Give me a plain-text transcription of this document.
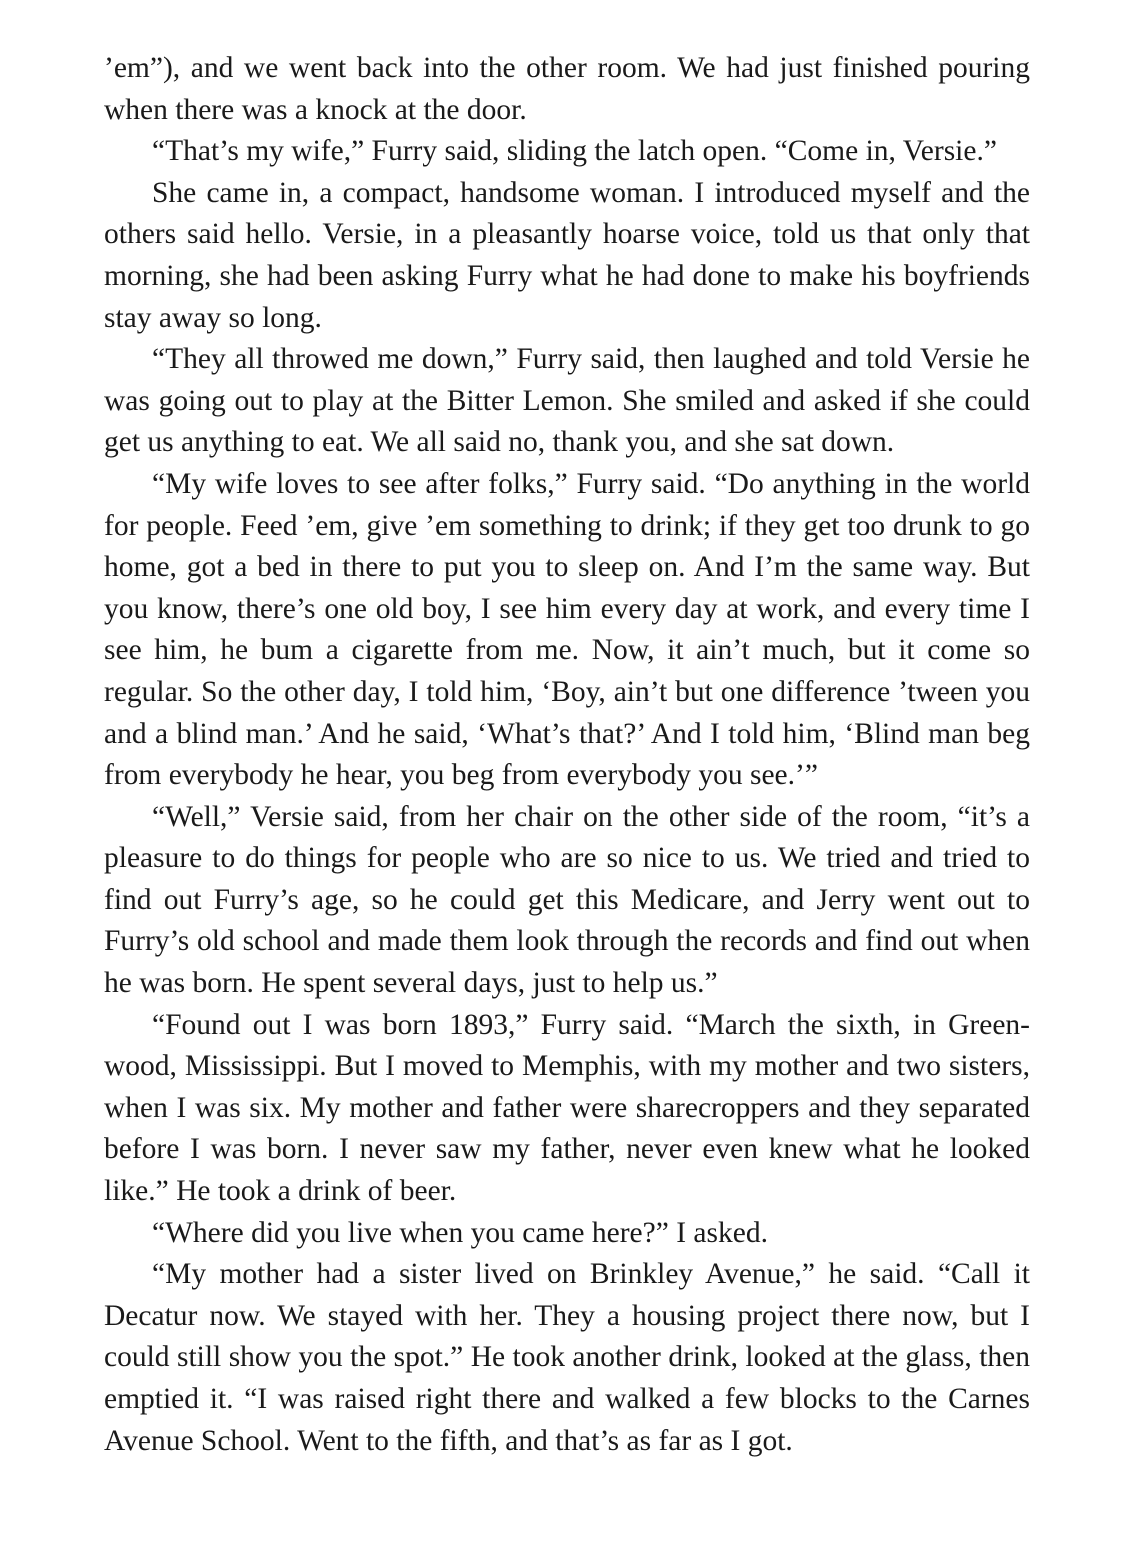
’em”), and we went back into the other room. We had just finished pouring when there was a knock at the door.

“That’s my wife,” Furry said, sliding the latch open. “Come in, Versie.”

She came in, a compact, handsome woman. I introduced myself and the others said hello. Versie, in a pleasantly hoarse voice, told us that only that morning, she had been asking Furry what he had done to make his boyfriends stay away so long.

“They all throwed me down,” Furry said, then laughed and told Versie he was going out to play at the Bitter Lemon. She smiled and asked if she could get us anything to eat. We all said no, thank you, and she sat down.

“My wife loves to see after folks,” Furry said. “Do anything in the world for people. Feed ’em, give ’em something to drink; if they get too drunk to go home, got a bed in there to put you to sleep on. And I’m the same way. But you know, there’s one old boy, I see him every day at work, and every time I see him, he bum a cigarette from me. Now, it ain’t much, but it come so regular. So the other day, I told him, ‘Boy, ain’t but one difference ’tween you and a blind man.’ And he said, ‘What’s that?’ And I told him, ‘Blind man beg from everybody he hear, you beg from everybody you see.’”

“Well,” Versie said, from her chair on the other side of the room, “it’s a pleasure to do things for people who are so nice to us. We tried and tried to find out Furry’s age, so he could get this Medicare, and Jerry went out to Furry’s old school and made them look through the records and find out when he was born. He spent several days, just to help us.”

“Found out I was born 1893,” Furry said. “March the sixth, in Greenwood, Mississippi. But I moved to Memphis, with my mother and two sisters, when I was six. My mother and father were sharecroppers and they separated before I was born. I never saw my father, never even knew what he looked like.” He took a drink of beer.

“Where did you live when you came here?” I asked.

“My mother had a sister lived on Brinkley Avenue,” he said. “Call it Decatur now. We stayed with her. They a housing project there now, but I could still show you the spot.” He took another drink, looked at the glass, then emptied it. “I was raised right there and walked a few blocks to the Carnes Avenue School. Went to the fifth, and that’s as far as I got.
